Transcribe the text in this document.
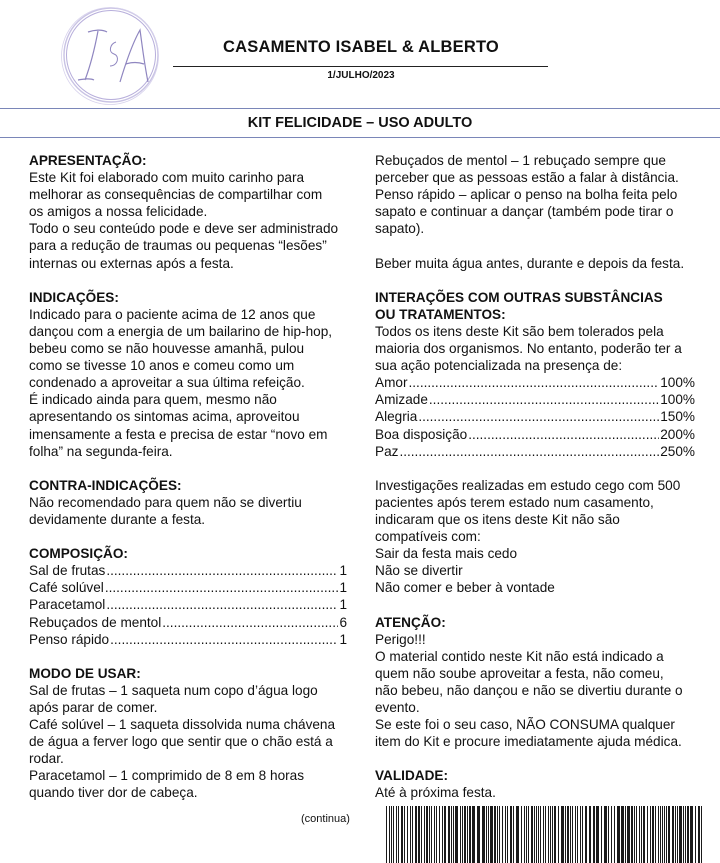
CASAMENTO ISABEL & ALBERTO
1/JULHO/2023
KIT FELICIDADE – USO ADULTO
APRESENTAÇÃO:
Este Kit foi elaborado com muito carinho para
melhorar as consequências de compartilhar com
os amigos a nossa felicidade.
Todo o seu conteúdo pode e deve ser administrado
para a redução de traumas ou pequenas “lesões”
internas ou externas após a festa.
INDICAÇÕES:
Indicado para o paciente acima de 12 anos que
dançou com a energia de um bailarino de hip-hop,
bebeu como se não houvesse amanhã, pulou
como se tivesse 10 anos e comeu como um
condenado a aproveitar a sua última refeição.
É indicado ainda para quem, mesmo não
apresentando os sintomas acima, aproveitou
imensamente a festa e precisa de estar “novo em
folha” na segunda-feira.
CONTRA-INDICAÇÕES:
Não recomendado para quem não se divertiu
devidamente durante a festa.
COMPOSIÇÃO:
Sal de frutas .....	1
Café solúvel .....	1
Paracetamol .....	1
Rebuçados de mentol .....	6
Penso rápido .....	1
MODO DE USAR:
Sal de frutas – 1 saqueta num copo d’água logo
após parar de comer.
Café solúvel – 1 saqueta dissolvida numa chávena
de água a ferver logo que sentir que o chão está a
rodar.
Paracetamol – 1 comprimido de 8 em 8 horas
quando tiver dor de cabeça.
(continua)
Rebuçados de mentol – 1 rebuçado sempre que
perceber que as pessoas estão a falar à distância.
Penso rápido – aplicar o penso na bolha feita pelo
sapato e continuar a dançar (também pode tirar o
sapato).
Beber muita água antes, durante e depois da festa.
INTERAÇÕES COM OUTRAS SUBSTÂNCIAS
OU TRATAMENTOS:
Todos os itens deste Kit são bem tolerados pela
maioria dos organismos. No entanto, poderão ter a
sua ação potencializada na presença de:
Amor .....	100%
Amizade .....	100%
Alegria .....	150%
Boa disposição .....	200%
Paz .....	250%
Investigações realizadas em estudo cego com 500
pacientes após terem estado num casamento,
indicaram que os itens deste Kit não são
compatíveis com:
Sair da festa mais cedo
Não se divertir
Não comer e beber à vontade
ATENÇÃO:
Perigo!!!
O material contido neste Kit não está indicado a
quem não soube aproveitar a festa, não comeu,
não bebeu, não dançou e não se divertiu durante o
evento.
Se este foi o seu caso, NÃO CONSUMA qualquer
item do Kit e procure imediatamente ajuda médica.
VALIDADE:
Até à próxima festa.
